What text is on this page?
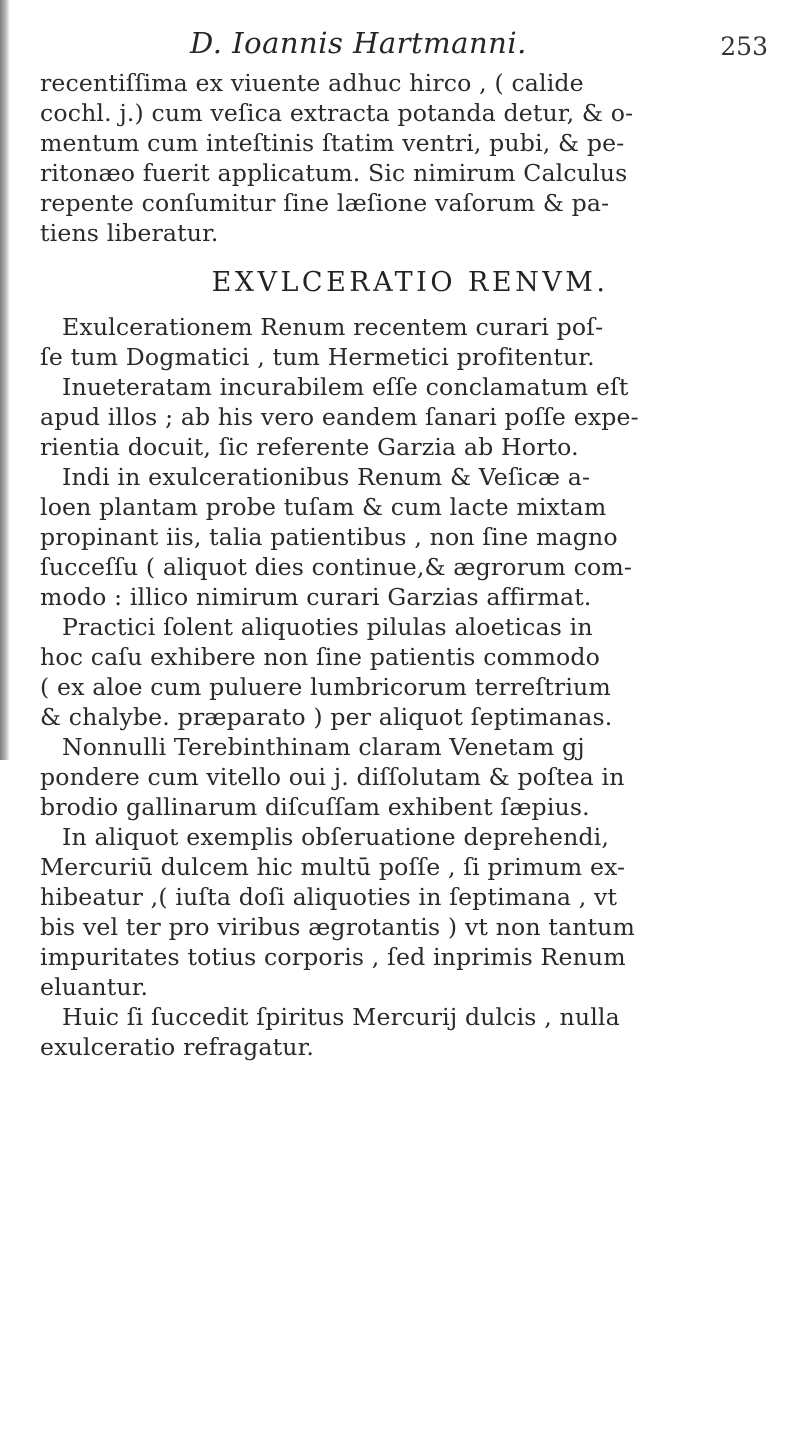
D. Ioannis Hartmanni.	253
recentiſſima ex viuente adhuc hirco , ( calide
cochl. j.) cum veſica extracta potanda detur, & o-
mentum cum inteſtinis ſtatim ventri, pubi, & pe-
ritonæo fuerit applicatum. Sic nimirum Calculus
repente conſumitur ſine læſione vaſorum & pa-
tiens liberatur.
EXVLCERATIO RENVM.
Exulcerationem Renum recentem curari poſ-
ſe tum Dogmatici , tum Hermetici profitentur.
Inueteratam incurabilem eſſe conclamatum eſt
apud illos ; ab his vero eandem ſanari poſſe expe-
rientia docuit, ſic referente Garzia ab Horto.
Indi in exulcerationibus Renum & Veſicæ a-
loen plantam probe tuſam & cum lacte mixtam
propinant iis, talia patientibus , non ſine magno
ſucceſſu ( aliquot dies continue,& ægrorum com-
modo : illico nimirum curari Garzias affirmat.
Practici ſolent aliquoties pilulas aloeticas in
hoc caſu exhibere non ſine patientis commodo
( ex aloe cum puluere lumbricorum terreſtrium
& chalybe. præparato ) per aliquot ſeptimanas.
Nonnulli Terebinthinam claram Venetam gj
pondere cum vitello oui j. diſſolutam & poſtea in
brodio gallinarum diſcuſſam exhibent ſæpius.
In aliquot exemplis obſeruatione deprehendi,
Mercuriū dulcem hic multū poſſe , ſi primum ex-
hibeatur ,( iuſta doſi aliquoties in ſeptimana , vt
bis vel ter pro viribus ægrotantis ) vt non tantum
impuritates totius corporis , ſed inprimis Renum
eluantur.
Huic ſi ſuccedit ſpiritus Mercurij dulcis , nulla
exulceratio refragatur.
